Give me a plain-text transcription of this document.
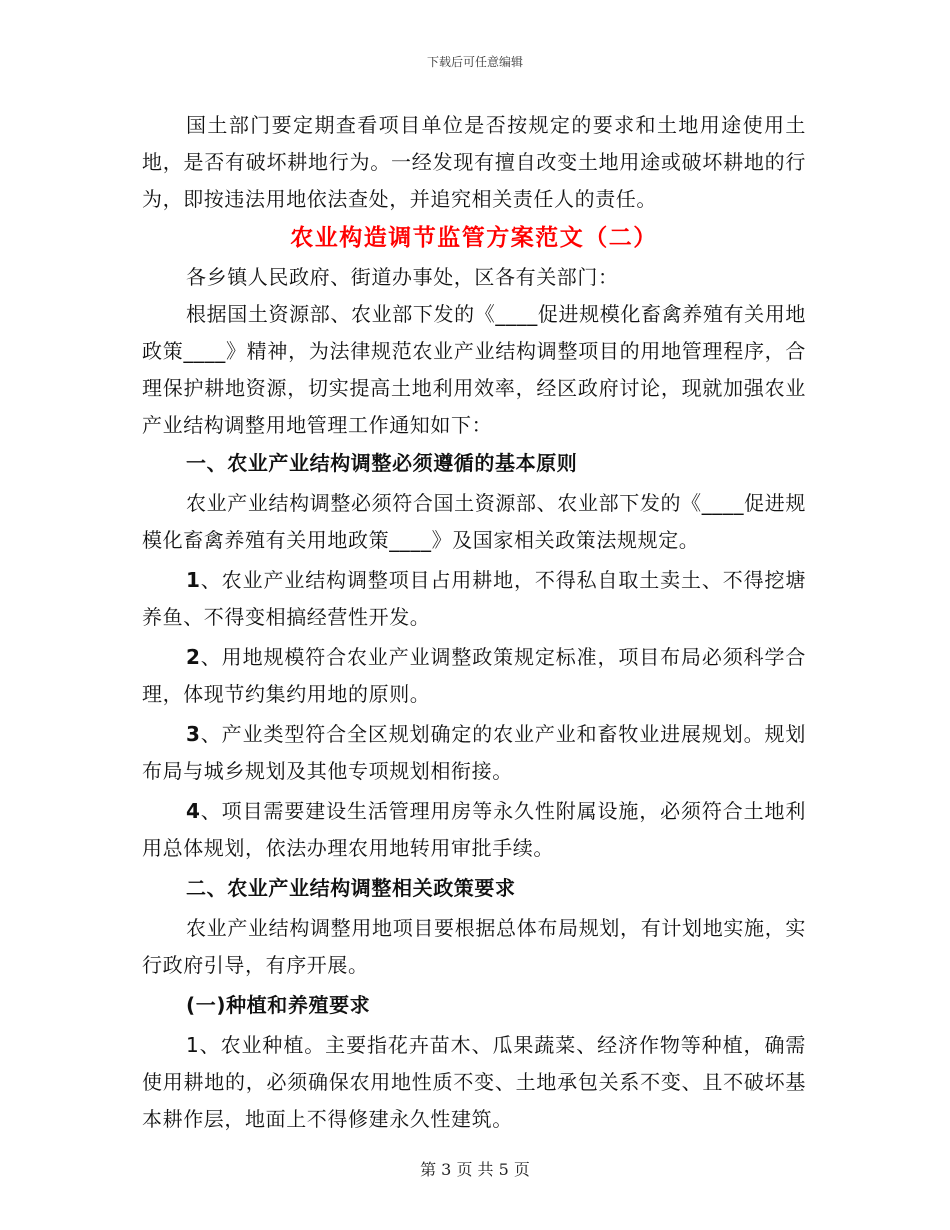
下载后可任意编辑

国土部门要定期查看项目单位是否按规定的要求和土地用途使用土地，是否有破坏耕地行为。一经发现有擅自改变土地用途或破坏耕地的行为，即按违法用地依法查处，并追究相关责任人的责任。

农业构造调节监管方案范文（二）

各乡镇人民政府、街道办事处，区各有关部门：

根据国土资源部、农业部下发的《____促进规模化畜禽养殖有关用地政策____》精神，为法律规范农业产业结构调整项目的用地管理程序，合理保护耕地资源，切实提高土地利用效率，经区政府讨论，现就加强农业产业结构调整用地管理工作通知如下：

一、农业产业结构调整必须遵循的基本原则

农业产业结构调整必须符合国土资源部、农业部下发的《____促进规模化畜禽养殖有关用地政策____》及国家相关政策法规规定。

1、农业产业结构调整项目占用耕地，不得私自取土卖土、不得挖塘养鱼、不得变相搞经营性开发。

2、用地规模符合农业产业调整政策规定标准，项目布局必须科学合理，体现节约集约用地的原则。

3、产业类型符合全区规划确定的农业产业和畜牧业进展规划。规划布局与城乡规划及其他专项规划相衔接。

4、项目需要建设生活管理用房等永久性附属设施，必须符合土地利用总体规划，依法办理农用地转用审批手续。

二、农业产业结构调整相关政策要求

农业产业结构调整用地项目要根据总体布局规划，有计划地实施，实行政府引导，有序开展。

(一)种植和养殖要求

1、农业种植。主要指花卉苗木、瓜果蔬菜、经济作物等种植，确需使用耕地的，必须确保农用地性质不变、土地承包关系不变、且不破坏基本耕作层，地面上不得修建永久性建筑。

第 3 页 共 5 页
